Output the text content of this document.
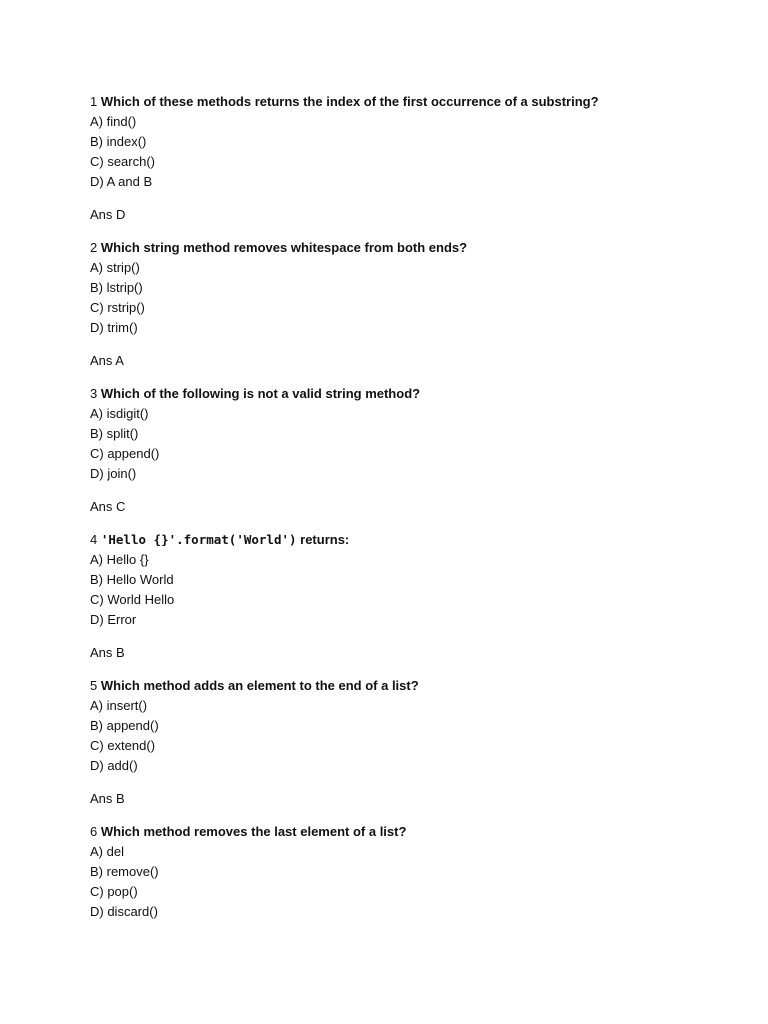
1 Which of these methods returns the index of the first occurrence of a substring?
A) find()
B) index()
C) search()
D) A and B
Ans D
2 Which string method removes whitespace from both ends?
A) strip()
B) lstrip()
C) rstrip()
D) trim()
Ans A
3 Which of the following is not a valid string method?
A) isdigit()
B) split()
C) append()
D) join()
Ans C
4 'Hello {}'.format('World') returns:
A) Hello {}
B) Hello World
C) World Hello
D) Error
Ans B
5 Which method adds an element to the end of a list?
A) insert()
B) append()
C) extend()
D) add()
Ans B
6 Which method removes the last element of a list?
A) del
B) remove()
C) pop()
D) discard()
